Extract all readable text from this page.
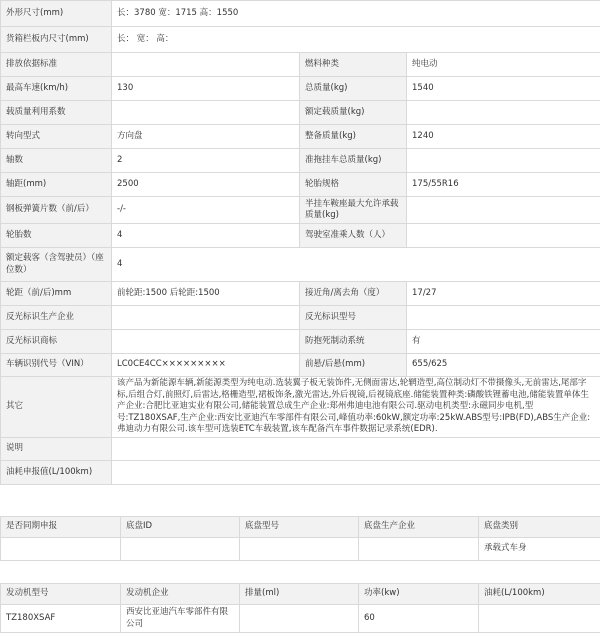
外形尺寸(mm)	长：3780 宽：1715 高：1550		
货箱栏板内尺寸(mm)	长： 宽： 高：		
排放依据标准		燃料种类	纯电动
最高车速(km/h)	130	总质量(kg)	1540
载质量利用系数		额定载质量(kg)	
转向型式	方向盘	整备质量(kg)	1240
轴数	2	准拖挂车总质量(kg)	
轴距(mm)	2500	轮胎规格	175/55R16
钢板弹簧片数（前/后）	-/-	半挂车鞍座最大允许承载质量(kg)	
轮胎数	4	驾驶室准乘人数（人）	
额定载客（含驾驶员）（座位数）	4		
轮距（前/后)mm	前轮距:1500 后轮距:1500	接近角/离去角（度）	17/27
反光标识生产企业		反光标识型号	
反光标识商标		防抱死制动系统	有
车辆识别代号（VIN）	LC0CE4CC×××××××××	前悬/后悬(mm)	655/625
其它	该产品为新能源车辆,新能源类型为纯电动.选装翼子板无装饰件,无侧面雷达,轮辋造型,高位制动灯不带摄像头,无前雷达,尾部字标,后组合灯,前照灯,后雷达,格栅造型,裙板饰条,激光雷达,外后视镜,后视镜底座.储能装置种类:磷酸铁锂蓄电池,储能装置单体生产企业:合肥比亚迪实业有限公司,储能装置总成生产企业:郑州弗迪电池有限公司.驱动电机类型:永磁同步电机,型号:TZ180XSAF,生产企业:西安比亚迪汽车零部件有限公司,峰值功率:60kW,额定功率:25kW.ABS型号:IPB(FD),ABS生产企业:弗迪动力有限公司.该车型可选装ETC车载装置,该车配备汽车事件数据记录系统(EDR).		
说明			
油耗申报值(L/100km)			
是否同期申报	底盘ID	底盘型号	底盘生产企业	底盘类别
				承载式车身
发动机型号	发动机企业	排量(ml)	功率(kw)	油耗(L/100km)
TZ180XSAF	西安比亚迪汽车零部件有限公司		60	
